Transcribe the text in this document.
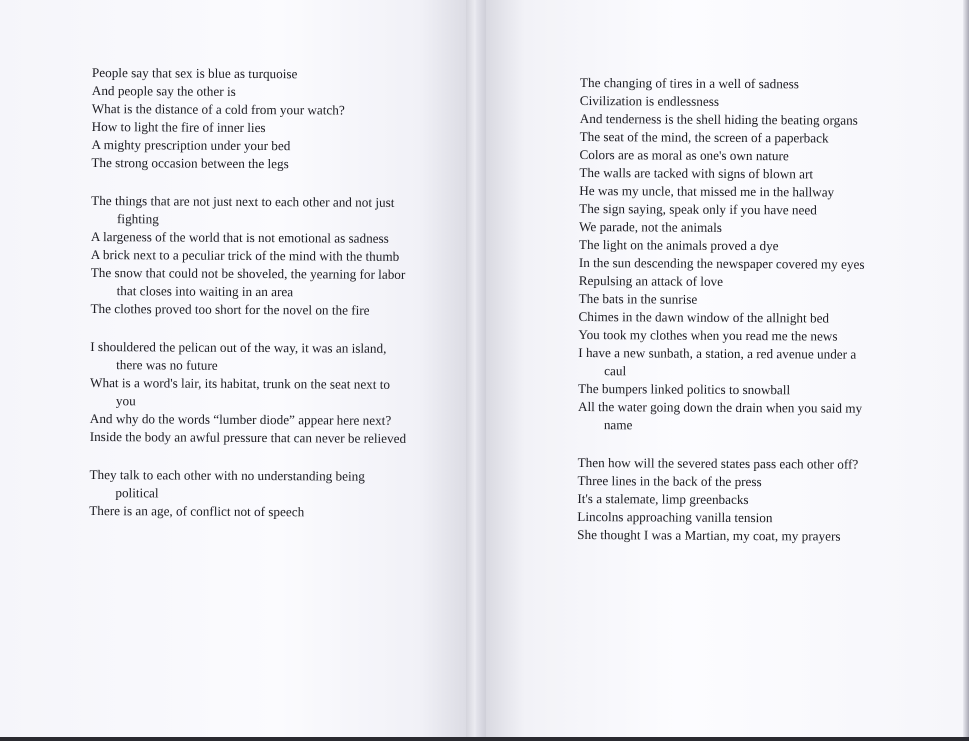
People say that sex is blue as turquoise
And people say the other is
What is the distance of a cold from your watch?
How to light the fire of inner lies
A mighty prescription under your bed
The strong occasion between the legs
The things that are not just next to each other and not just fighting
A largeness of the world that is not emotional as sadness
A brick next to a peculiar trick of the mind with the thumb
The snow that could not be shoveled, the yearning for labor that closes into waiting in an area
The clothes proved too short for the novel on the fire
I shouldered the pelican out of the way, it was an island, there was no future
What is a word's lair, its habitat, trunk on the seat next to you
And why do the words “lumber diode” appear here next?
Inside the body an awful pressure that can never be relieved
They talk to each other with no understanding being political
There is an age, of conflict not of speech
The changing of tires in a well of sadness
Civilization is endlessness
And tenderness is the shell hiding the beating organs
The seat of the mind, the screen of a paperback
Colors are as moral as one's own nature
The walls are tacked with signs of blown art
He was my uncle, that missed me in the hallway
The sign saying, speak only if you have need
We parade, not the animals
The light on the animals proved a dye
In the sun descending the newspaper covered my eyes
Repulsing an attack of love
The bats in the sunrise
Chimes in the dawn window of the allnight bed
You took my clothes when you read me the news
I have a new sunbath, a station, a red avenue under a caul
The bumpers linked politics to snowball
All the water going down the drain when you said my name
Then how will the severed states pass each other off?
Three lines in the back of the press
It's a stalemate, limp greenbacks
Lincolns approaching vanilla tension
She thought I was a Martian, my coat, my prayers
